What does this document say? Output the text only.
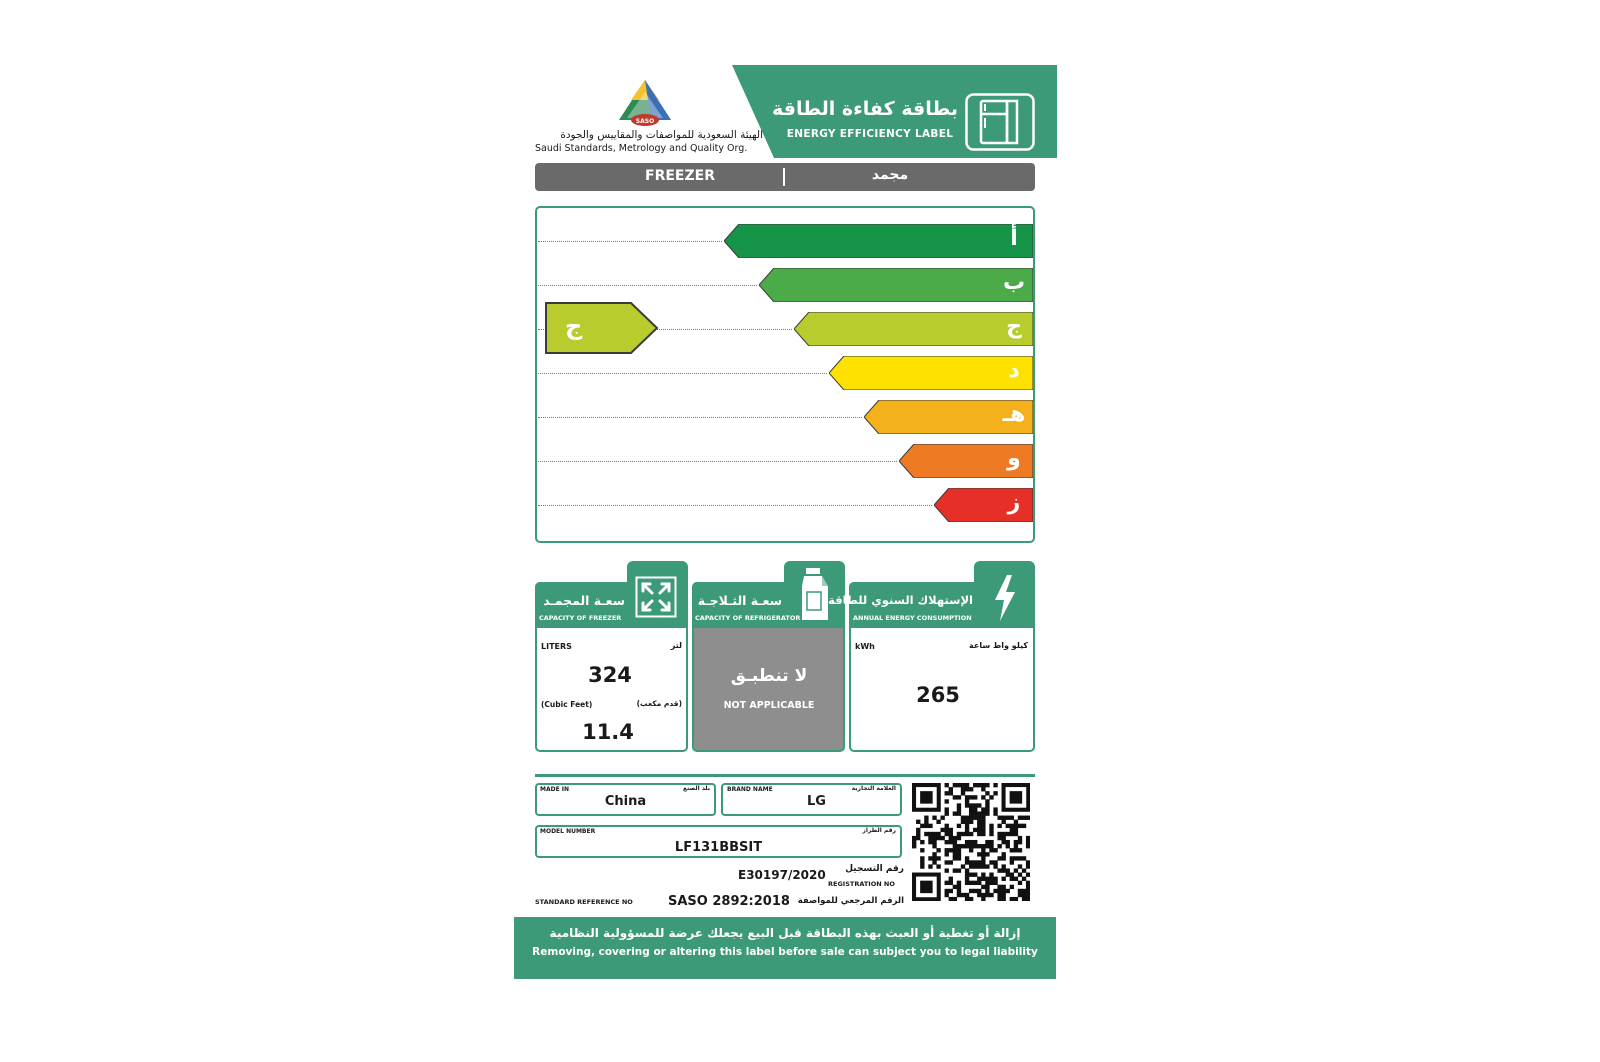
SASO
الهيئة السعودية للمواصفات والمقاييس والجودة
Saudi Standards, Metrology and Quality Org.
بطاقة كفاءة الطاقة
ENERGY EFFICIENCY LABEL
FREEZER	مجمد
أ
ب
ج
د
هـ
و
ز
ج
سعـة المجمـد
CAPACITY OF FREEZER
LITERS	لتر
324
(Cubic Feet)	(قدم مكعب)
11.4
سعـة الثـلاجـة
CAPACITY OF REFRIGERATOR
لا تنطبـق
NOT APPLICABLE
الإستهلاك السنوي للطاقة
ANNUAL ENERGY CONSUMPTION
kWh	كيلو واط ساعة
265
MADE IN	بلد الصنع
China
BRAND NAME	العلامة التجارية
LG
MODEL NUMBER	رقم الطراز
LF131BBSIT
E30197/2020	رقم التسجيل
REGISTRATION NO
STANDARD REFERENCE NO	SASO 2892:2018 الرقم المرجعي للمواصفة
إزالة أو تغطية أو العبث بهذه البطاقة قبل البيع يجعلك عرضة للمسؤولية النظامية
Removing, covering or altering this label before sale can subject you to legal liability
